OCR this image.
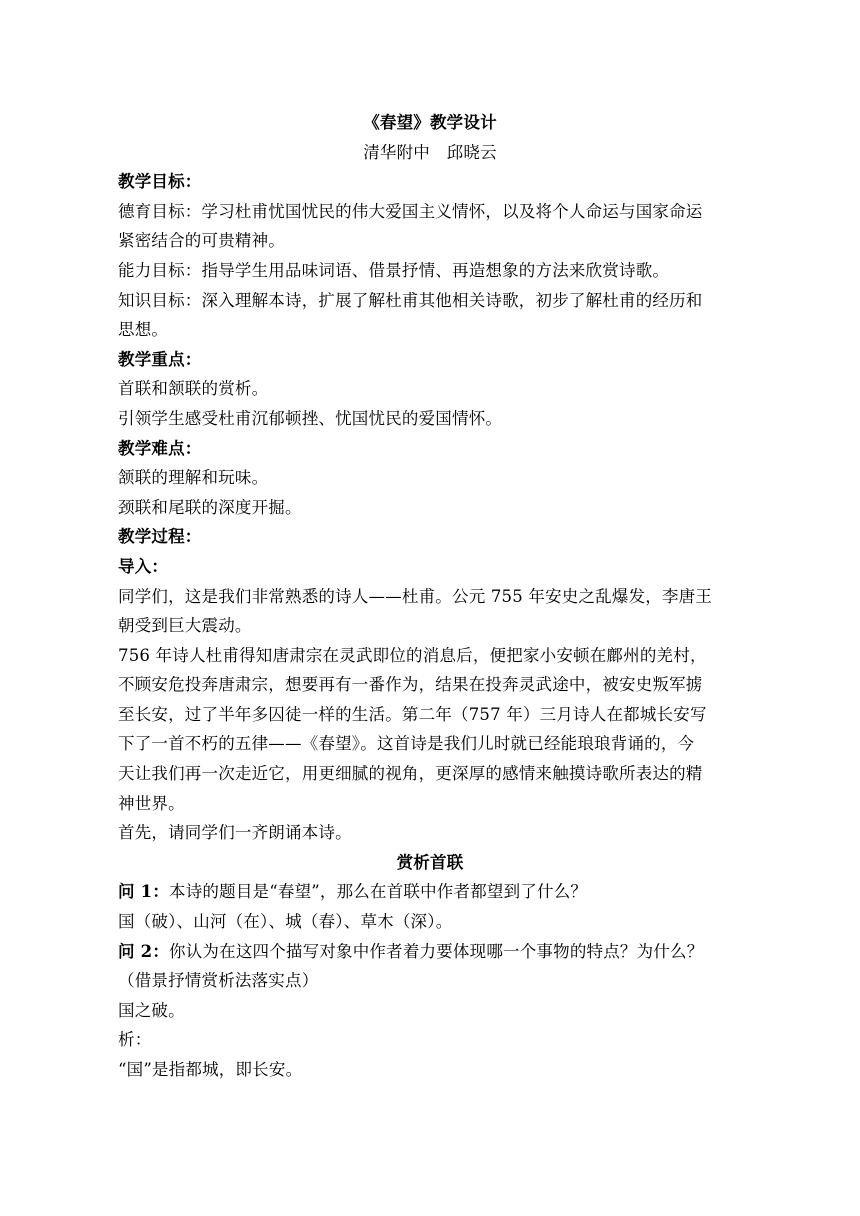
《春望》教学设计
清华附中　邱晓云
教学目标：
德育目标：学习杜甫忧国忧民的伟大爱国主义情怀，以及将个人命运与国家命运
紧密结合的可贵精神。
能力目标：指导学生用品味词语、借景抒情、再造想象的方法来欣赏诗歌。
知识目标：深入理解本诗，扩展了解杜甫其他相关诗歌，初步了解杜甫的经历和
思想。
教学重点：
首联和颔联的赏析。
引领学生感受杜甫沉郁顿挫、忧国忧民的爱国情怀。
教学难点：
颔联的理解和玩味。
颈联和尾联的深度开掘。
教学过程：
导入：
同学们，这是我们非常熟悉的诗人——杜甫。公元 755 年安史之乱爆发，李唐王
朝受到巨大震动。
756 年诗人杜甫得知唐肃宗在灵武即位的消息后，便把家小安顿在鄜州的羌村，
不顾安危投奔唐肃宗，想要再有一番作为，结果在投奔灵武途中，被安史叛军掳
至长安，过了半年多囚徒一样的生活。第二年（757 年）三月诗人在都城长安写
下了一首不朽的五律——《春望》。这首诗是我们儿时就已经能琅琅背诵的，今
天让我们再一次走近它，用更细腻的视角，更深厚的感情来触摸诗歌所表达的精
神世界。
首先，请同学们一齐朗诵本诗。
赏析首联
问 1：本诗的题目是“春望”，那么在首联中作者都望到了什么？
国（破）、山河（在）、城（春）、草木（深）。
问 2：你认为在这四个描写对象中作者着力要体现哪一个事物的特点？为什么？
（借景抒情赏析法落实点）
国之破。
析：
“国”是指都城，即长安。
